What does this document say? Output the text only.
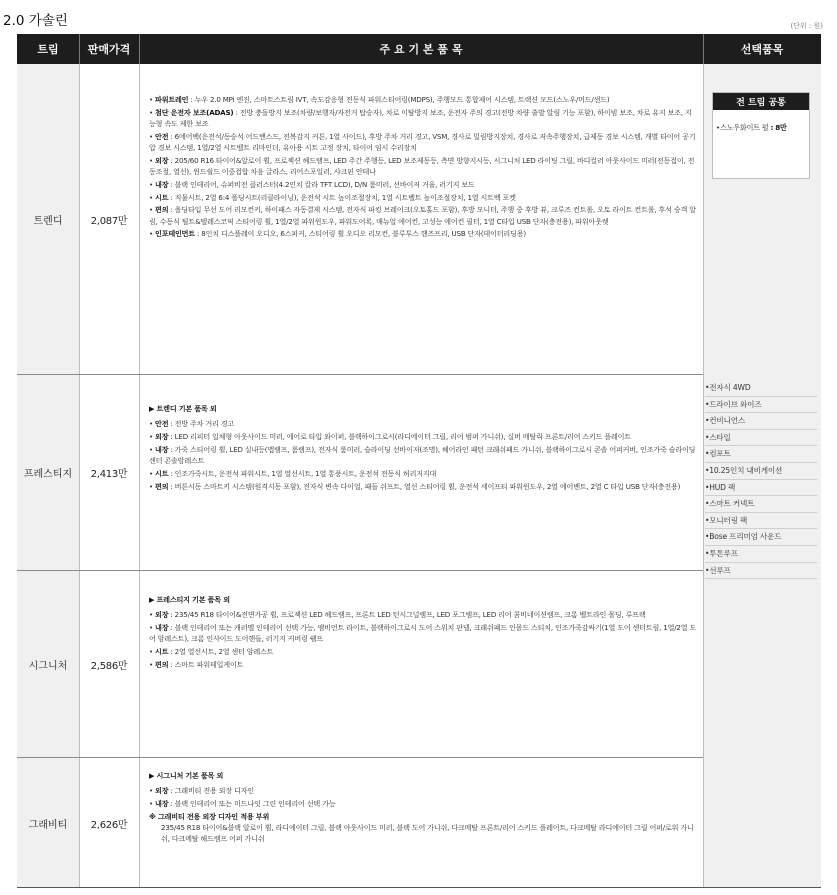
2.0 가솔린	(단위 : 원)
트림	판매가격	주 요 기 본 품 목	선택품목
트렌디	2,087만
• 파워트레인 : 누우 2.0 MPi 엔진, 스마트스트림 IVT, 속도감응형 전동식 파워스티어링(MDPS), 주행모드 통합제어 시스템, 트랙션 모드(스노우/머드/샌드)
• 첨단 운전자 보조(ADAS) : 전방 충돌방지 보조(차량/보행자/자전거 탑승자), 차로 이탈방지 보조, 운전자 주의 경고(전방 차량 출발 알림 기능 포함), 하이빔 보조, 차로 유지 보조, 지능형 속도 제한 보조
• 안전 : 6에어백(운전석/동승석 어드밴스드, 전복감지 커튼, 1열 사이드), 후방 주차 거리 경고, VSM, 경사로 밀림방지장치, 경사로 저속주행장치, 급제동 경보 시스템, 개별 타이어 공기압 경보 시스템, 1열/2열 시트벨트 리마인더, 유아용 시트 고정 장치, 타이어 임시 수리장치
• 외장 : 205/60 R16 타이어&알로이 휠, 프로젝션 헤드램프, LED 주간 주행등, LED 보조제동등, 측면 방향지시등, 시그니처 LED 라이팅 그릴, 바디컬러 아웃사이드 미러(전동접이, 전동조절, 열선), 윈드쉴드 이중접합 차음 글라스, 리어스포일러, 샤크핀 안테나
• 내장 : 블랙 인테리어, 슈퍼비전 클러스터(4.2인치 칼라 TFT LCD), D/N 룸미러, 선바이저 거울, 러기지 보드
• 시트 : 직물시트, 2열 6:4 폴딩시트(리클라이닝), 운전석 시트 높이조절장치, 1열 시트벨트 높이조절장치, 1열 시트백 포켓
• 편의 : 폴딩타입 무선 도어 리모컨키, 하이패스 자동결제 시스템, 전자식 파킹 브레이크(오토홀드 포함), 후방 모니터, 주행 중 후방 뷰, 크루즈 컨트롤, 오토 라이트 컨트롤, 후석 승객 알림, 수동식 틸트&텔레스코픽 스티어링 휠, 1열/2열 파워윈도우, 파워도어록, 매뉴얼 에어컨, 고성능 에어컨 필터, 1열 C타입 USB 단자(충전용), 파워아웃렛
• 인포테인먼트 : 8인치 디스플레이 오디오, 6스피커, 스티어링 휠 오디오 리모컨, 블루투스 핸즈프리, USB 단자(데이터리딩용)
프레스티지 2,413만
▶ 트렌디 기본 품목 외
• 안전 : 전방 주차 거리 경고
• 외장 : LED 리피터 일체형 아웃사이드 미러, 에어로 타입 와이퍼, 블랙하이그로시(라디에이터 그릴, 리어 범퍼 가니쉬), 실버 메탈릭 프론트/리어 스키드 플레이트
• 내장 : 가죽 스티어링 휠, LED 실내등(맵램프, 룸램프), 전자식 룸미러, 슬라이딩 선바이저(조명), 헤어라인 패턴 크래쉬패드 가니쉬, 블랙하이그로시 콘솔 어퍼커버, 인조가죽 슬라이딩 센터 콘솔암레스트
• 시트 : 인조가죽시트, 운전석 파워시트, 1열 열선시트, 1열 통풍시트, 운전석 전동식 허리지지대
• 편의 : 버튼시동 스마트키 시스템(원격시동 포함), 전자식 변속 다이얼, 패들 쉬프트, 열선 스티어링 휠, 운전석 세이프티 파워윈도우, 2열 에어벤트, 2열 C 타입 USB 단자(충전용)
시그니처 2,586만
▶ 프레스티지 기본 품목 외
• 외장 : 235/45 R18 타이어&전면가공 휠, 프로젝션 LED 헤드램프, 프론트 LED 턴시그널램프, LED 포그램프, LED 리어 콤비네이션램프, 크롬 벨트라인 몰딩, 루프랙
• 내장 : 블랙 인테리어 또는 캐러멜 인테리어 선택 가능, 앰비언트 라이트, 블랙하이그로시 도어 스위치 판넬, 크래쉬패드 인몰드 스티치, 인조가죽감싸기(1열 도어 센터트림, 1열/2열 도어 암레스트), 크롬 인사이드 도어핸들, 러기지 커버링 쉘프
• 시트 : 2열 열선시트, 2열 센터 암레스트
• 편의 : 스마트 파워테일게이트
그래비티 2,626만
▶ 시그니처 기본 품목 외
• 외장 : 그래비티 전용 외장 디자인
• 내장 : 블랙 인테리어 또는 미드나잇 그린 인테리어 선택 가능
※ 그래비티 전용 외장 디자인 적용 부위
235/45 R18 타이어&블랙 알로이 휠, 라디에이터 그릴, 블랙 아웃사이드 미러, 블랙 도어 가니쉬, 다크메탈 프론트/리어 스키드 플레이트, 다크메탈 라디에이터 그릴 어퍼/로워 가니쉬, 다크메탈 헤드램프 어퍼 가니쉬
전 트림 공통
•스노우화이트 펄 : 8만
•전자식 4WD
•드라이브 와이즈
•컨비니언스
•스타일
•컴포트
•10.25인치 내비게이션
•HUD 팩
•스마트 커넥트
•모니터링 팩
•Bose 프리미엄 사운드
•투톤루프
•선루프
